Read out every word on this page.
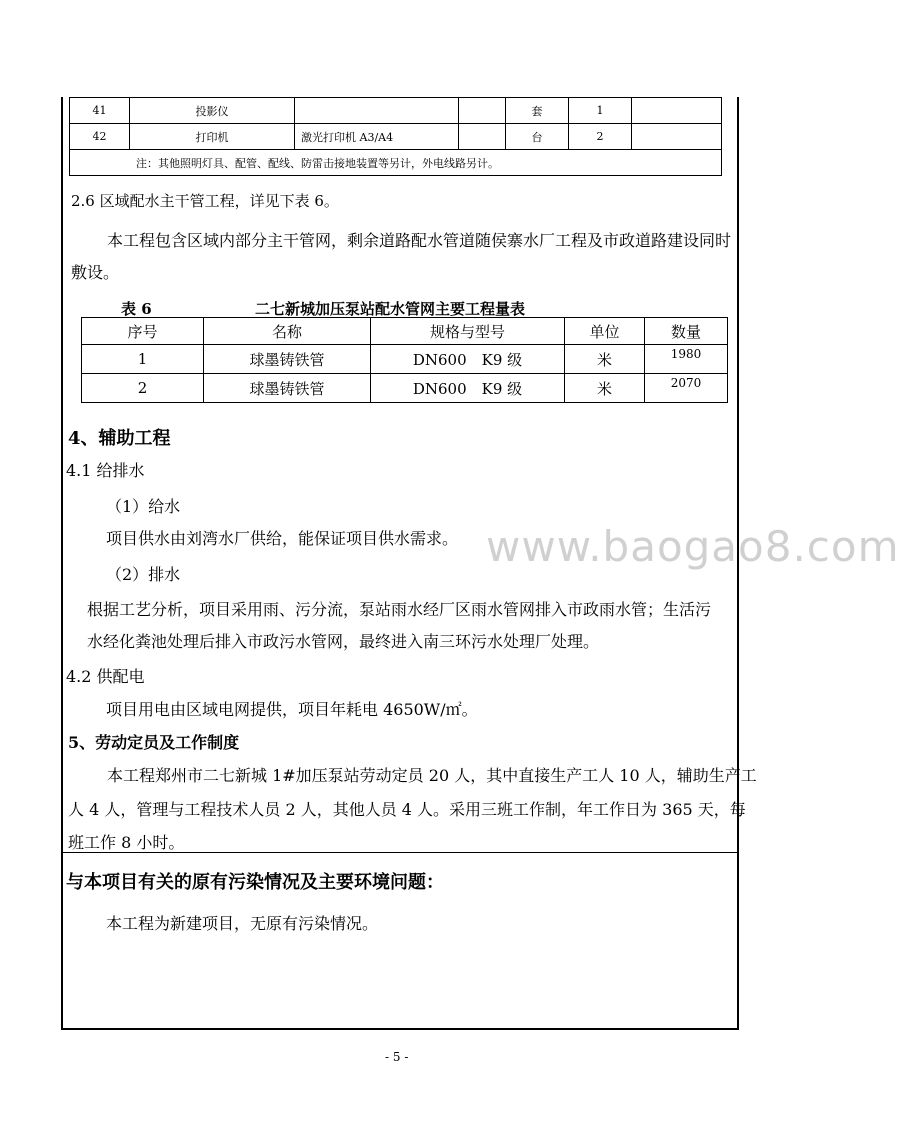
41	投影仪			套	1	
42	打印机	激光打印机 A3/A4		台	2	
注：其他照明灯具、配管、配线、防雷击接地装置等另计，外电线路另计。						
2.6 区域配水主干管工程，详见下表 6。
本工程包含区域内部分主干管网，剩余道路配水管道随侯寨水厂工程及市政道路建设同时
敷设。
表 6	二七新城加压泵站配水管网主要工程量表
序号	名称	规格与型号	单位	数量
1	球墨铸铁管	DN600　K9 级	米	1980
2	球墨铸铁管	DN600　K9 级	米	2070
4、辅助工程
4.1 给排水
（1）给水
项目供水由刘湾水厂供给，能保证项目供水需求。 www.baogao8.com
（2）排水
根据工艺分析，项目采用雨、污分流，泵站雨水经厂区雨水管网排入市政雨水管；生活污
水经化粪池处理后排入市政污水管网，最终进入南三环污水处理厂处理。
4.2 供配电
项目用电由区域电网提供，项目年耗电 4650W/㎡。
5、劳动定员及工作制度
本工程郑州市二七新城 1#加压泵站劳动定员 20 人，其中直接生产工人 10 人，辅助生产工
人 4 人，管理与工程技术人员 2 人，其他人员 4 人。采用三班工作制，年工作日为 365 天，每
班工作 8 小时。
与本项目有关的原有污染情况及主要环境问题：
本工程为新建项目，无原有污染情况。
- 5 -
